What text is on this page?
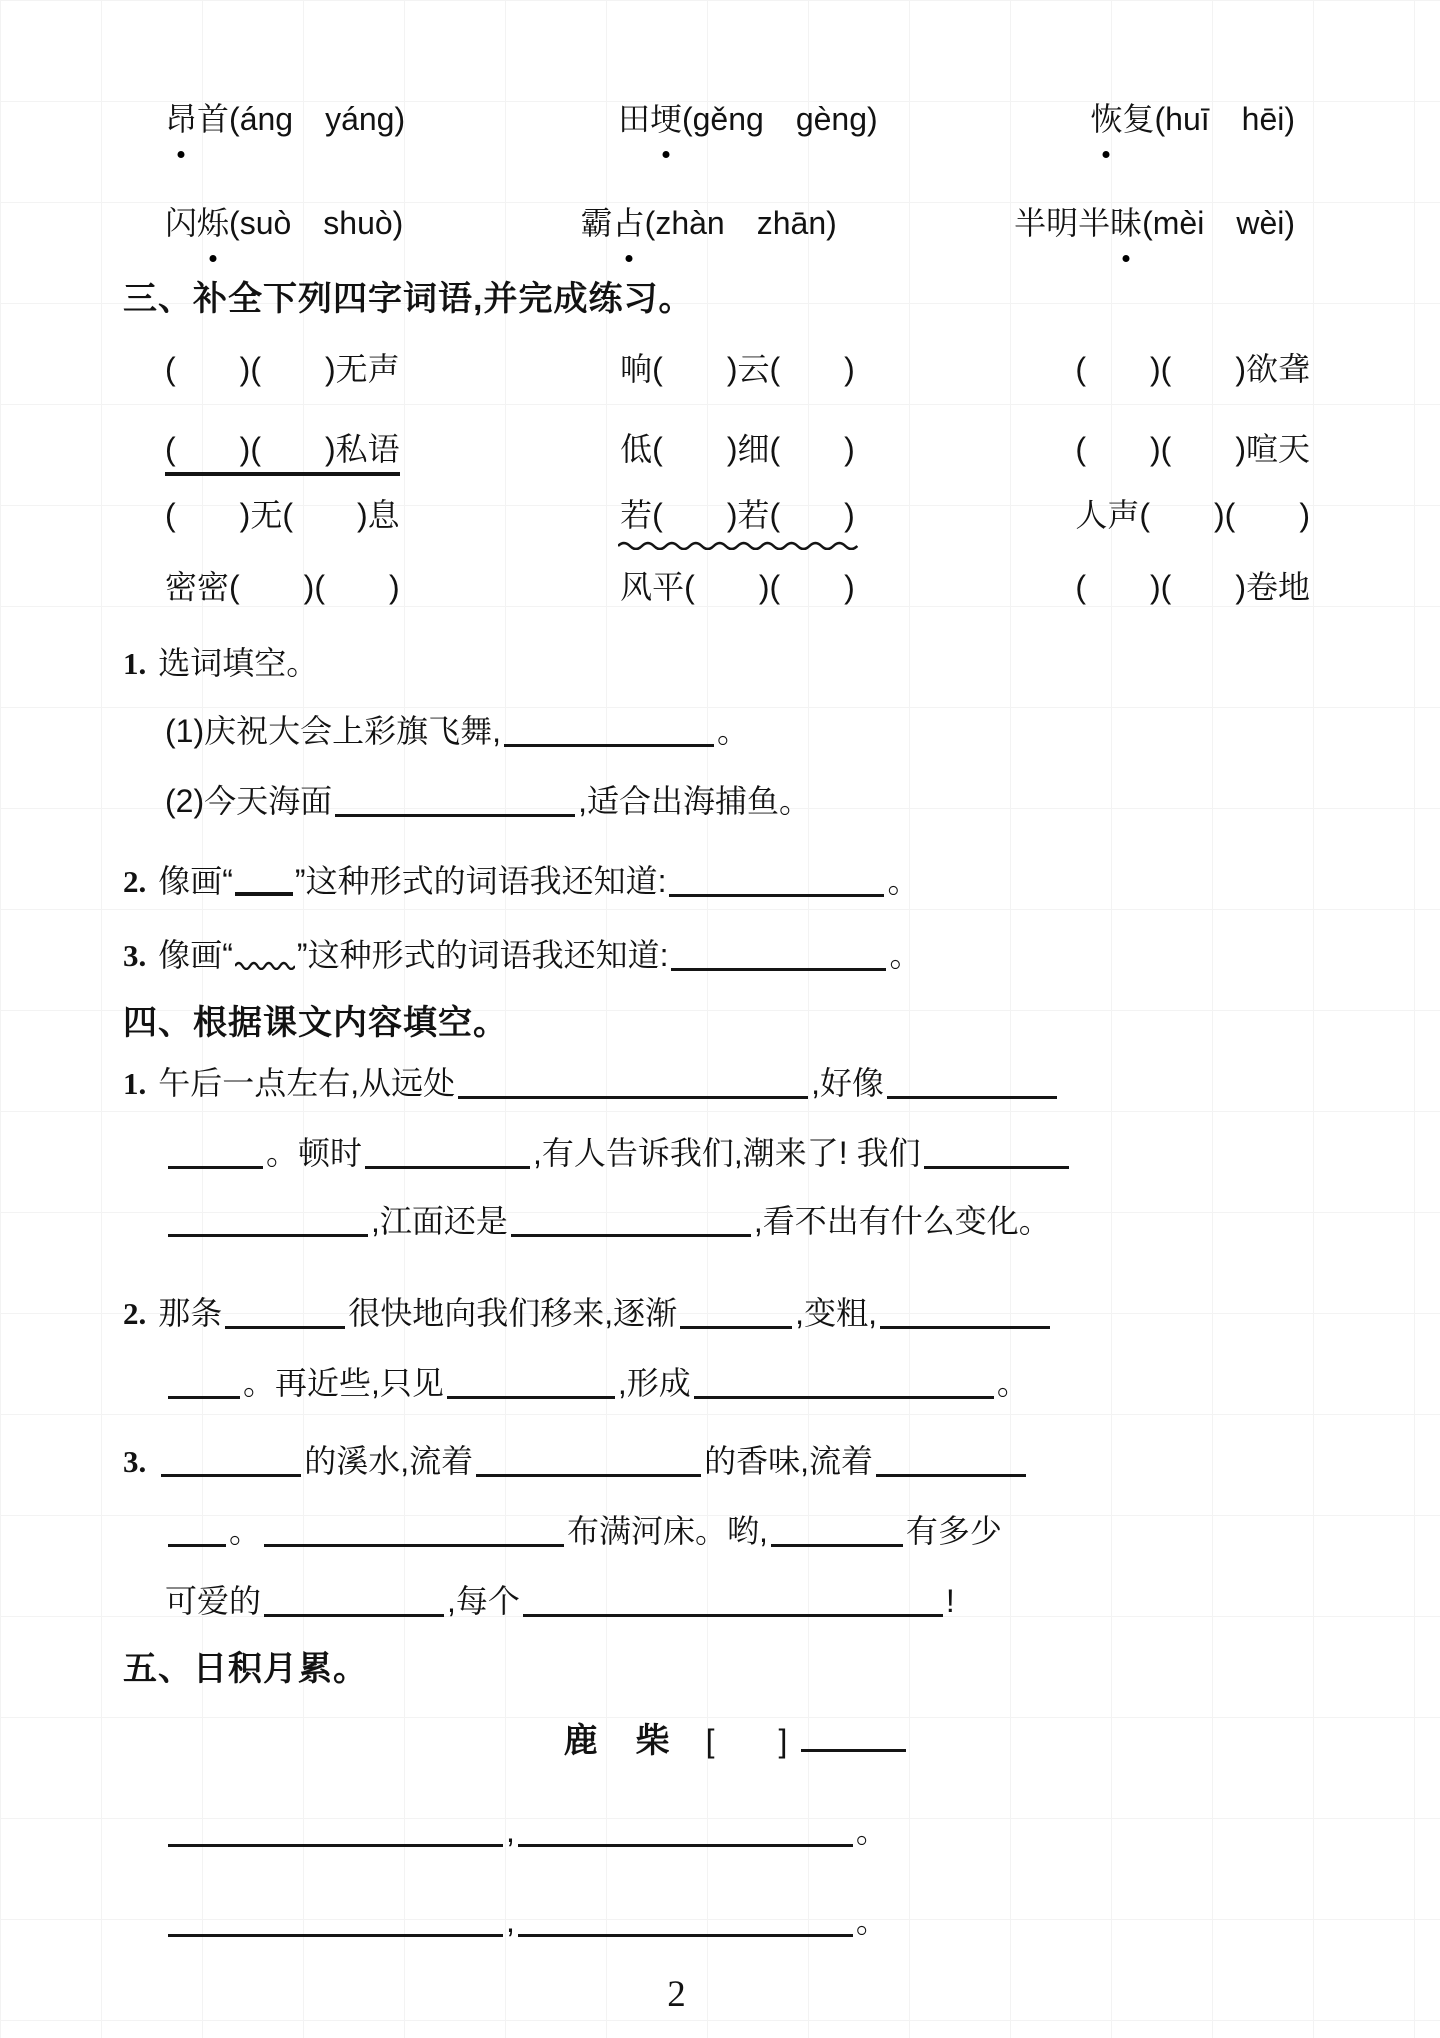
昂首(áng yáng)	田埂(gěng gèng)	恢复(huī hēi)
闪烁(suò shuò)	霸占(zhàn zhān)	半明半昧(mèi wèi)
三、补全下列四字词语,并完成练习。
(  )(  )无声	响(  )云(  )	(  )(  )欲聋
(  )(  )私语	低(  )细(  )	(  )(  )喧天
(  )无(  )息	若(  )若(  )	人声(  )(  )
密密(  )(  )	风平(  )(  )	(  )(  )卷地
1. 选词填空。
(1)庆祝大会上彩旗飞舞,	。
(2)今天海面	,适合出海捕鱼。
2. 像画“ ”这种形式的词语我还知道:	。
3. 像画“ ”这种形式的词语我还知道:	。
四、根据课文内容填空。
1. 午后一点左右,从远处	,好像
。顿时	,有人告诉我们,潮来了! 我们
,江面还是	,看不出有什么变化。
2. 那条	很快地向我们移来,逐渐	,变粗,
。再近些,只见	,形成	。
3.	的溪水,流着	的香味,流着
。	布满河床。哟,	有多少
可爱的	,每个	!
五、日积月累。
鹿　柴 [　　]
,	。
,	。
2
